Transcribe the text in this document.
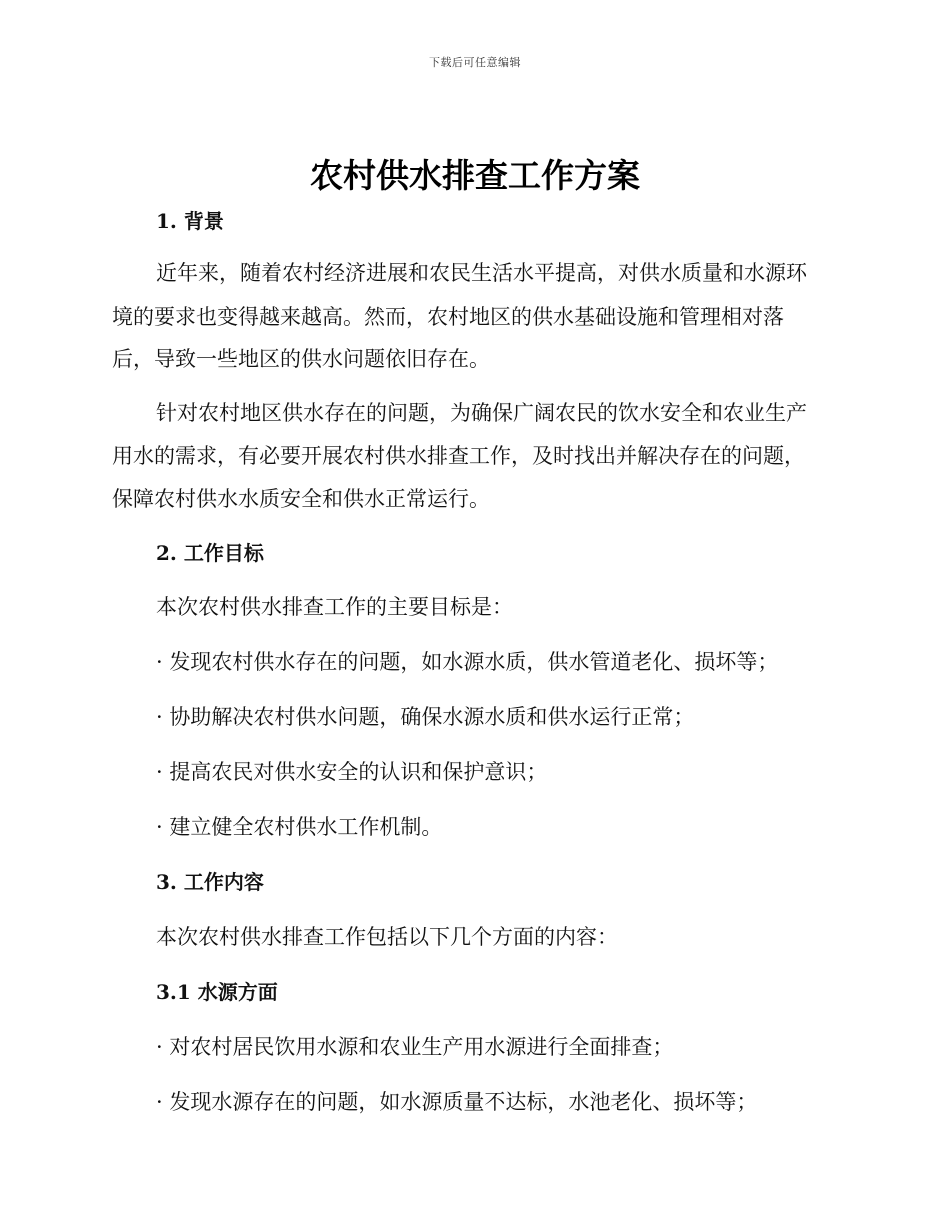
下载后可任意编辑
农村供水排查工作方案
1. 背景
近年来，随着农村经济进展和农民生活水平提高，对供水质量和水源环
境的要求也变得越来越高。然而，农村地区的供水基础设施和管理相对落
后，导致一些地区的供水问题依旧存在。
针对农村地区供水存在的问题，为确保广阔农民的饮水安全和农业生产
用水的需求，有必要开展农村供水排查工作，及时找出并解决存在的问题，
保障农村供水水质安全和供水正常运行。
2. 工作目标
本次农村供水排查工作的主要目标是：
· 发现农村供水存在的问题，如水源水质，供水管道老化、损坏等；
· 协助解决农村供水问题，确保水源水质和供水运行正常；
· 提高农民对供水安全的认识和保护意识；
· 建立健全农村供水工作机制。
3. 工作内容
本次农村供水排查工作包括以下几个方面的内容：
3.1 水源方面
· 对农村居民饮用水源和农业生产用水源进行全面排查；
· 发现水源存在的问题，如水源质量不达标，水池老化、损坏等；
